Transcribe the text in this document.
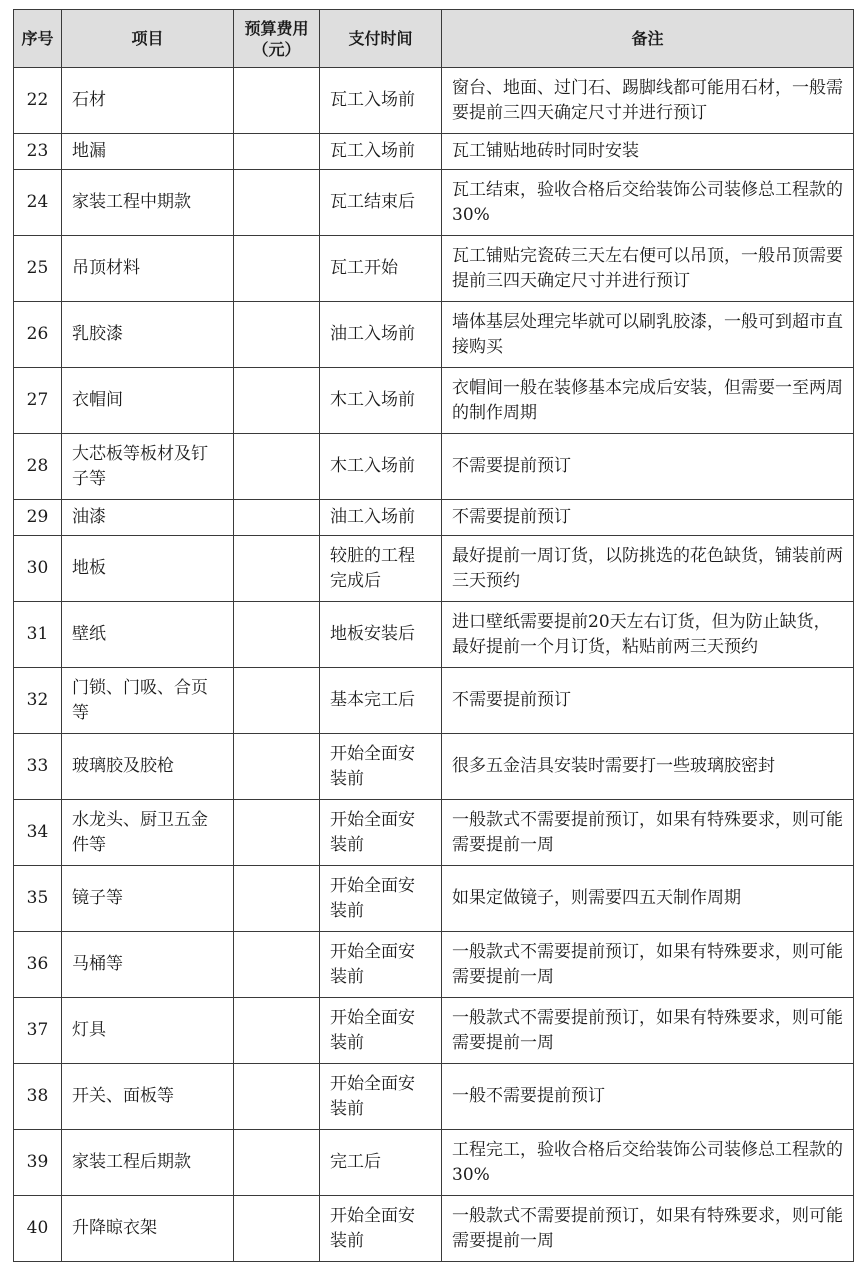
序号	项目	预算费用（元）	支付时间	备注
22	石材		瓦工入场前	窗台、地面、过门石、踢脚线都可能用石材，一般需要提前三四天确定尺寸并进行预订
23	地漏		瓦工入场前	瓦工铺贴地砖时同时安装
24	家装工程中期款		瓦工结束后	瓦工结束，验收合格后交给装饰公司装修总工程款的30%
25	吊顶材料		瓦工开始	瓦工铺贴完瓷砖三天左右便可以吊顶，一般吊顶需要提前三四天确定尺寸并进行预订
26	乳胶漆		油工入场前	墙体基层处理完毕就可以刷乳胶漆，一般可到超市直接购买
27	衣帽间		木工入场前	衣帽间一般在装修基本完成后安装，但需要一至两周的制作周期
28	大芯板等板材及钉子等		木工入场前	不需要提前预订
29	油漆		油工入场前	不需要提前预订
30	地板		较脏的工程完成后	最好提前一周订货，以防挑选的花色缺货，铺装前两三天预约
31	壁纸		地板安装后	进口壁纸需要提前20天左右订货，但为防止缺货，最好提前一个月订货，粘贴前两三天预约
32	门锁、门吸、合页等		基本完工后	不需要提前预订
33	玻璃胶及胶枪		开始全面安装前	很多五金洁具安装时需要打一些玻璃胶密封
34	水龙头、厨卫五金件等		开始全面安装前	一般款式不需要提前预订，如果有特殊要求，则可能需要提前一周
35	镜子等		开始全面安装前	如果定做镜子，则需要四五天制作周期
36	马桶等		开始全面安装前	一般款式不需要提前预订，如果有特殊要求，则可能需要提前一周
37	灯具		开始全面安装前	一般款式不需要提前预订，如果有特殊要求，则可能需要提前一周
38	开关、面板等		开始全面安装前	一般不需要提前预订
39	家装工程后期款		完工后	工程完工，验收合格后交给装饰公司装修总工程款的30%
40	升降晾衣架		开始全面安装前	一般款式不需要提前预订，如果有特殊要求，则可能需要提前一周
